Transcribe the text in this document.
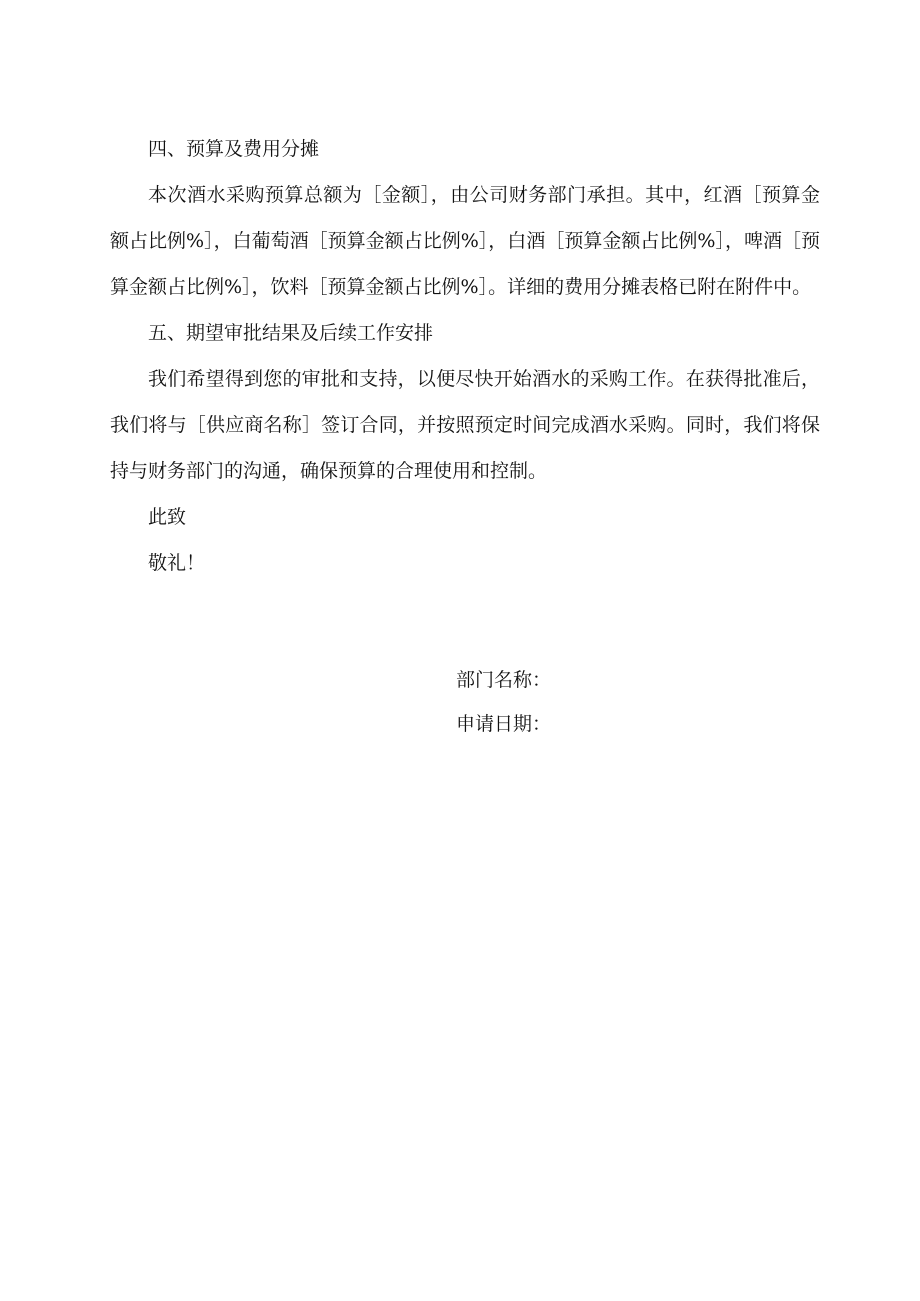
四、预算及费用分摊

本次酒水采购预算总额为［金额］，由公司财务部门承担。其中，红酒［预算金额占比例%］，白葡萄酒［预算金额占比例%］，白酒［预算金额占比例%］，啤酒［预算金额占比例%］，饮料［预算金额占比例%］。详细的费用分摊表格已附在附件中。

五、期望审批结果及后续工作安排

我们希望得到您的审批和支持，以便尽快开始酒水的采购工作。在获得批准后，我们将与［供应商名称］签订合同，并按照预定时间完成酒水采购。同时，我们将保持与财务部门的沟通，确保预算的合理使用和控制。

此致

敬礼！

部门名称：
申请日期：
